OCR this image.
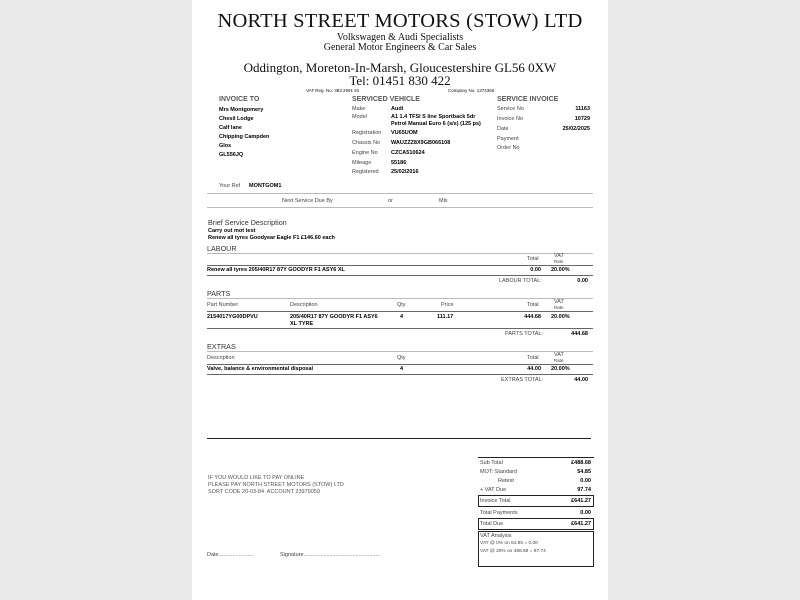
NORTH STREET MOTORS (STOW) LTD
Volkswagen & Audi Specialists
General Motor Engineers & Car Sales
Oddington, Moreton-In-Marsh, Gloucestershire GL56 0XW
Tel: 01451 830 422
VAT Reg. No. 383 2991 91	Company No. 1374366
INVOICE TO
Mrs Montgomery
Chesil Lodge
Calf lane
Chipping Campden
Glos
GL556JQ
SERVICED VEHICLE
Make	Audi
Model	A1 1.4 TFSI S line Sportback 5dr
Petrol Manual Euro 6 (s/s) (125 ps)
Registration VU65UOM
Chassis No WAUZZZ8X9GB066108
Engine No CZCA510624
Mileage	55186
Registered 25/02/2016
SERVICE INVOICE
Service No	11163
Invoice No	10729
Date	25/02/2025
Payment
Order No
Your Ref MONTGOM1
Next Service Due By	or	Mls
Brief Service Description
Carry out mot test
Renew all tyres Goodyear Eagle F1 £146.60 each
LABOUR
Total	VAT
Rate
Renew all tyres 205/40R17 87Y GOODYR F1 ASY6 XL	0.00 20.00%
LABOUR TOTAL:	0.00
PARTS
Part Number	Description	Qty	Price	Total	VAT
Rate
2154017YG00DPVU	205/40R17 87Y GOODYR F1 ASY6
XL TYRE
4	111.17	444.68 20.00%
PARTS TOTAL:	444.68
EXTRAS
Description	Qty	Total	VAT
Rate
Valve, balance & environmental disposal	4	44.00 20.00%
EXTRAS TOTAL:	44.00
IF YOU WOULD LIKE TO PAY ONLINE
PLEASE PAY NORTH STREET MOTORS (STOW) LTD
SORT CODE 20-03-84  ACCOUNT 23979059
Sub Total	£488.68
MOT: Standard	54.85
Retest	0.00
+ VAT Due	97.74
Invoice Total	£641.27
Total Payments	0.00
Total Due	£641.27
VAT Analysis
VAT @ 0% on 54.85 = 0.00
VAT @ 20% on 488.68 = 97.74
Date.......................	Signature..................................................
